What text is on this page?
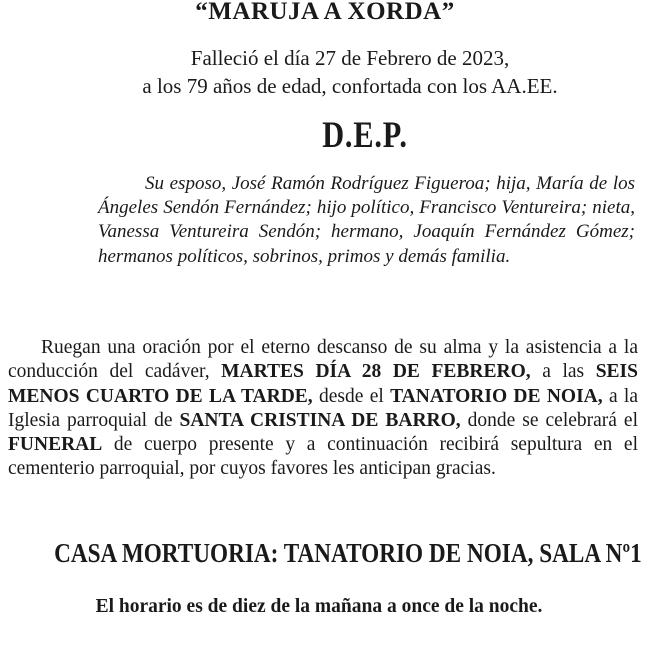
“MARUJA A XORDA”
Falleció el día 27 de Febrero de 2023,
a los 79 años de edad, confortada con los AA.EE.
D.E.P.
Su esposo, José Ramón Rodríguez Figueroa; hija, María de los Ángeles Sendón Fernández; hijo político, Francisco Ventureira; nieta, Vanessa Ventureira Sendón; hermano, Joaquín Fernández Gómez; hermanos políticos, sobrinos, primos y demás familia.
Ruegan una oración por el eterno descanso de su alma y la asistencia a la conducción del cadáver, MARTES DÍA 28 DE FEBRERO, a las SEIS MENOS CUARTO DE LA TARDE, desde el TANATORIO DE NOIA, a la Iglesia parroquial de SANTA CRISTINA DE BARRO, donde se celebrará el FUNERAL de cuerpo presente y a continuación recibirá sepultura en el cementerio parroquial, por cuyos favores les anticipan gracias.
CASA MORTUORIA: TANATORIO DE NOIA, SALA Nº1
El horario es de diez de la mañana a once de la noche.
